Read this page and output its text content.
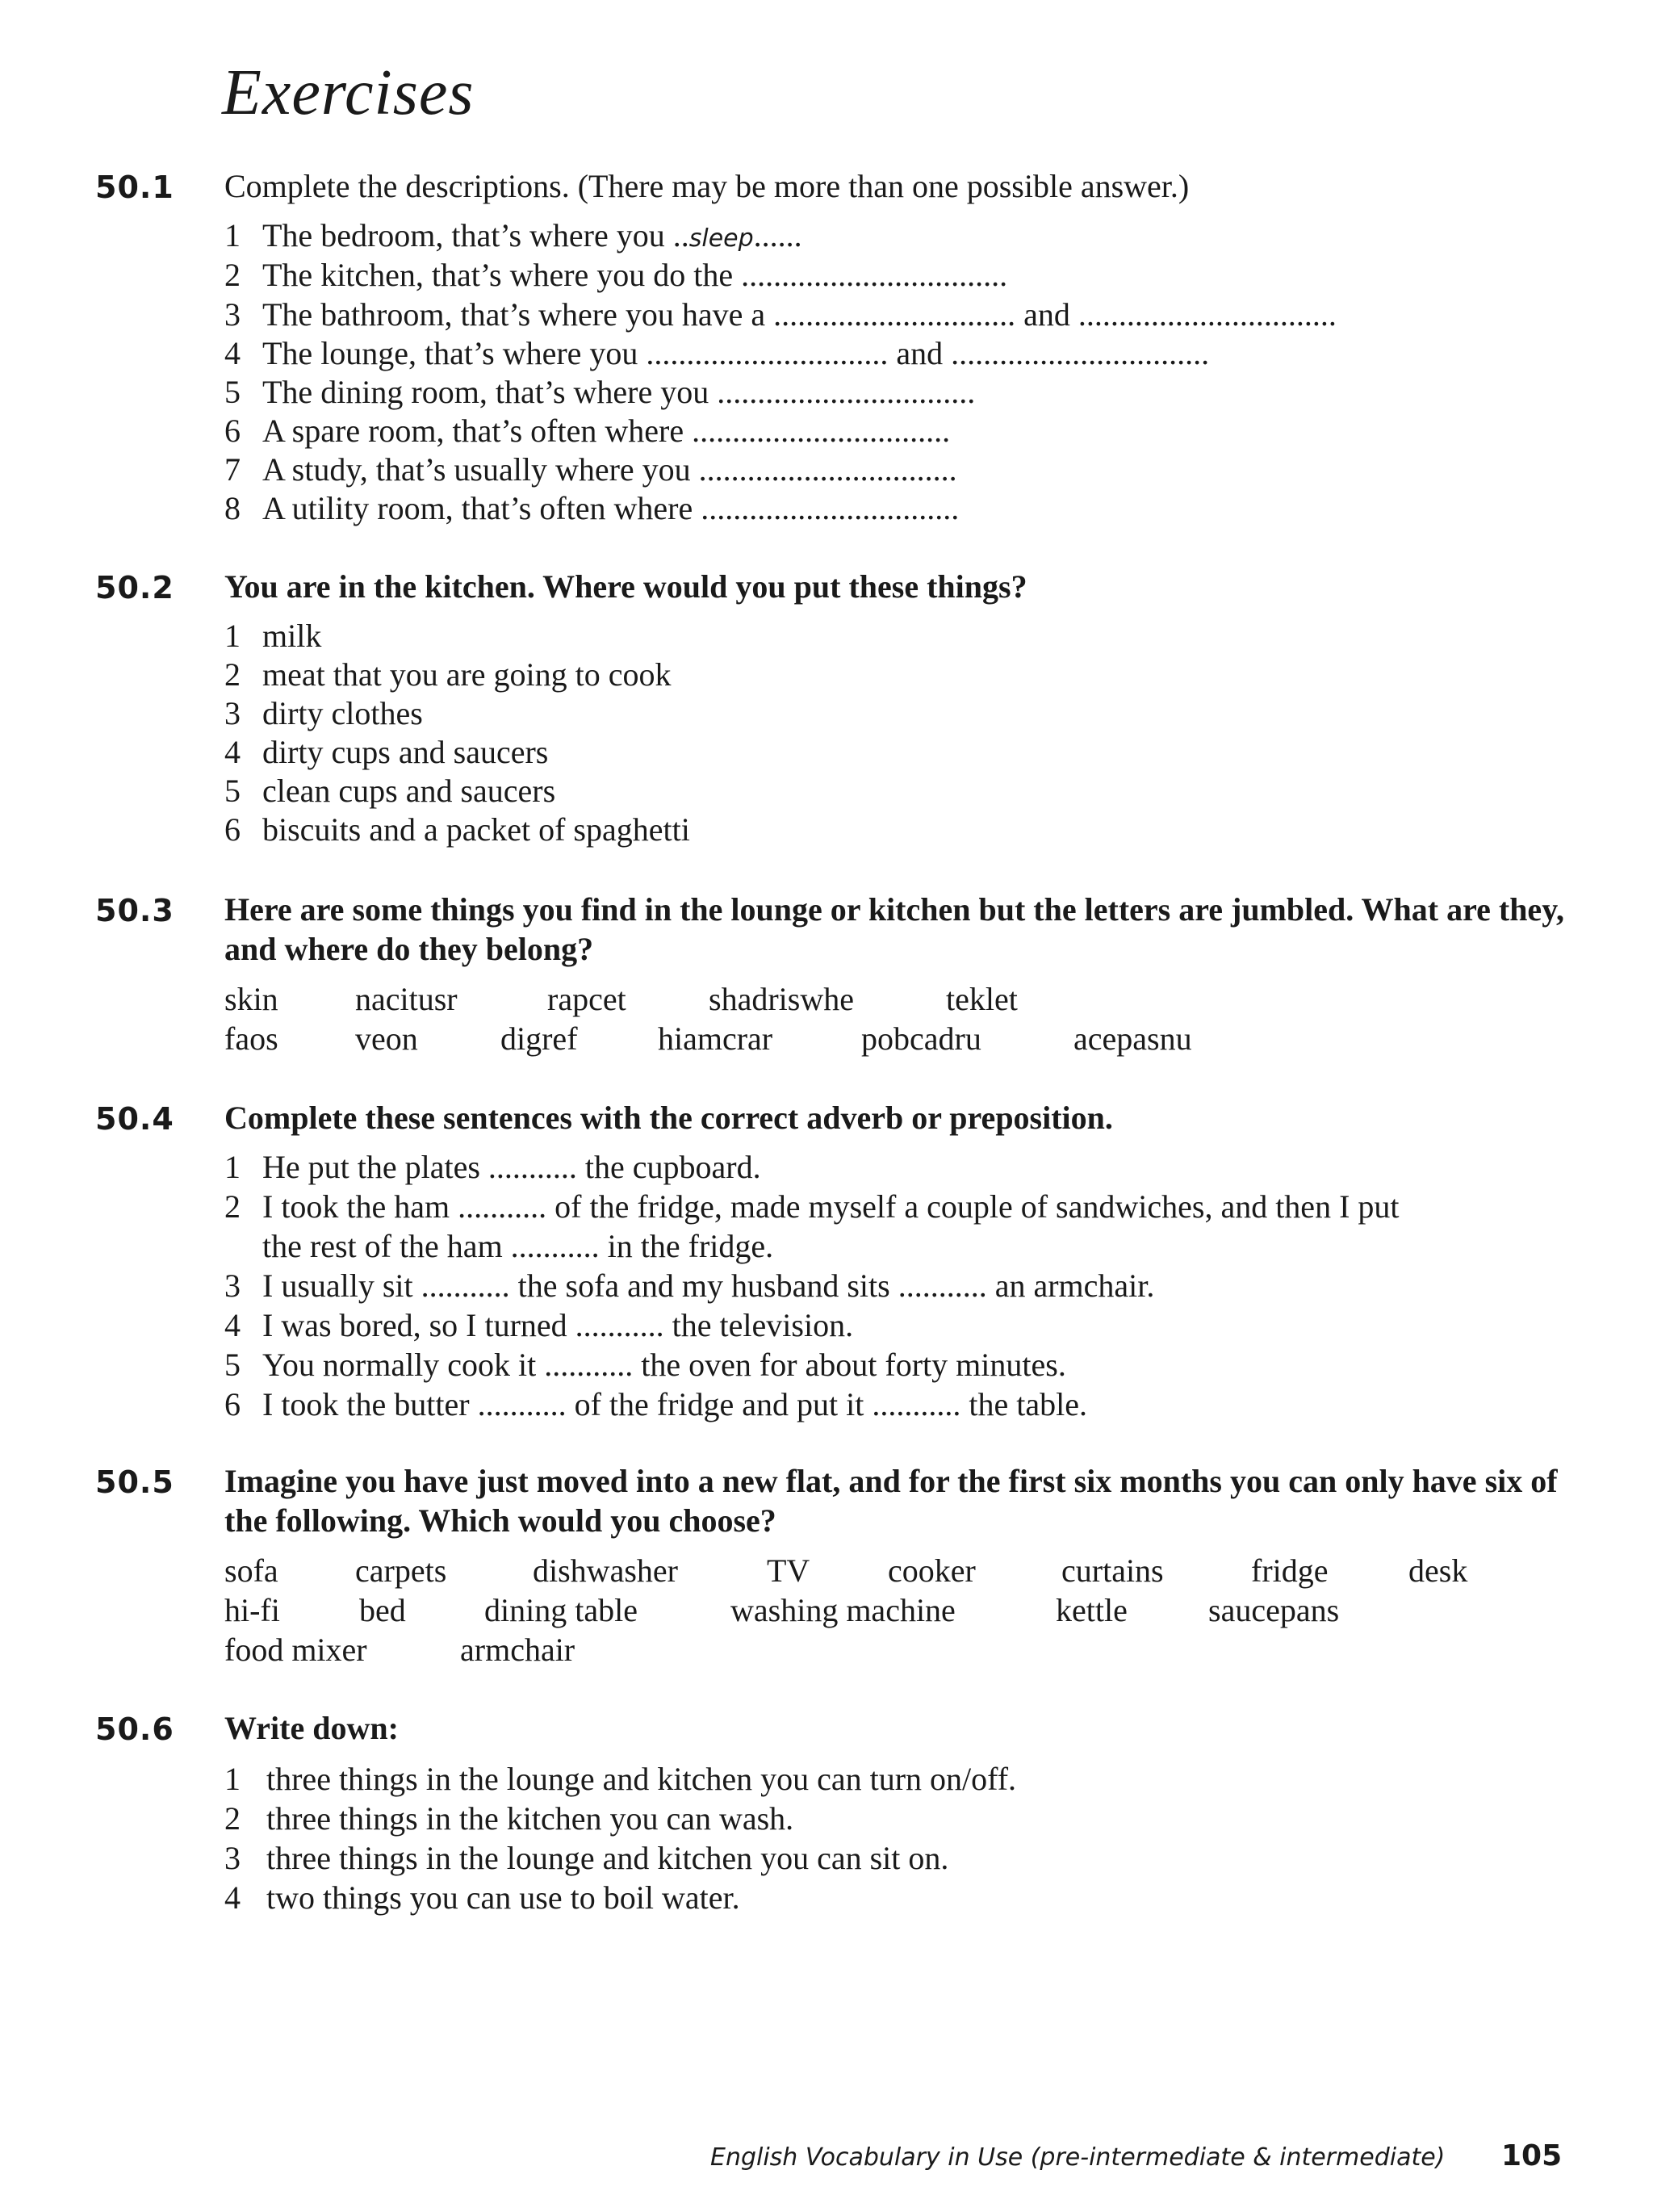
Exercises
50.1 Complete the descriptions. (There may be more than one possible answer.)
1 The bedroom, that’s where you ..sleep......
2 The kitchen, that’s where you do the .................................
3 The bathroom, that’s where you have a .............................. and ................................
4 The lounge, that’s where you .............................. and ................................
5 The dining room, that’s where you ................................
6 A spare room, that’s often where ................................
7 A study, that’s usually where you ................................
8 A utility room, that’s often where ................................
50.2 You are in the kitchen. Where would you put these things?
1 milk
2 meat that you are going to cook
3 dirty clothes
4 dirty cups and saucers
5 clean cups and saucers
6 biscuits and a packet of spaghetti
50.3 Here are some things you find in the lounge or kitchen but the letters are jumbled. What are they, and where do they belong?
skin nacitusr	rapcet	shadriswhe	teklet
faos veon	digref hiamcrar	pobcadru	acepasnu
50.4 Complete these sentences with the correct adverb or preposition.
1 He put the plates ........... the cupboard.
2 I took the ham ........... of the fridge, made myself a couple of sandwiches, and then I put
the rest of the ham ........... in the fridge.
3 I usually sit ........... the sofa and my husband sits ........... an armchair.
4 I was bored, so I turned ........... the television.
5 You normally cook it ........... the oven for about forty minutes.
6 I took the butter ........... of the fridge and put it ........... the table.
50.5 Imagine you have just moved into a new flat, and for the first six months you can only have six of the following. Which would you choose?
sofa carpets	dishwasher	TV cooker	curtains	fridge desk
hi-fi bed dining table	washing machine	kettle	saucepans
food mixer	armchair
50.6 Write down:
1 three things in the lounge and kitchen you can turn on/off.
2 three things in the kitchen you can wash.
3 three things in the lounge and kitchen you can sit on.
4 two things you can use to boil water.
English Vocabulary in Use (pre-intermediate & intermediate) 105
